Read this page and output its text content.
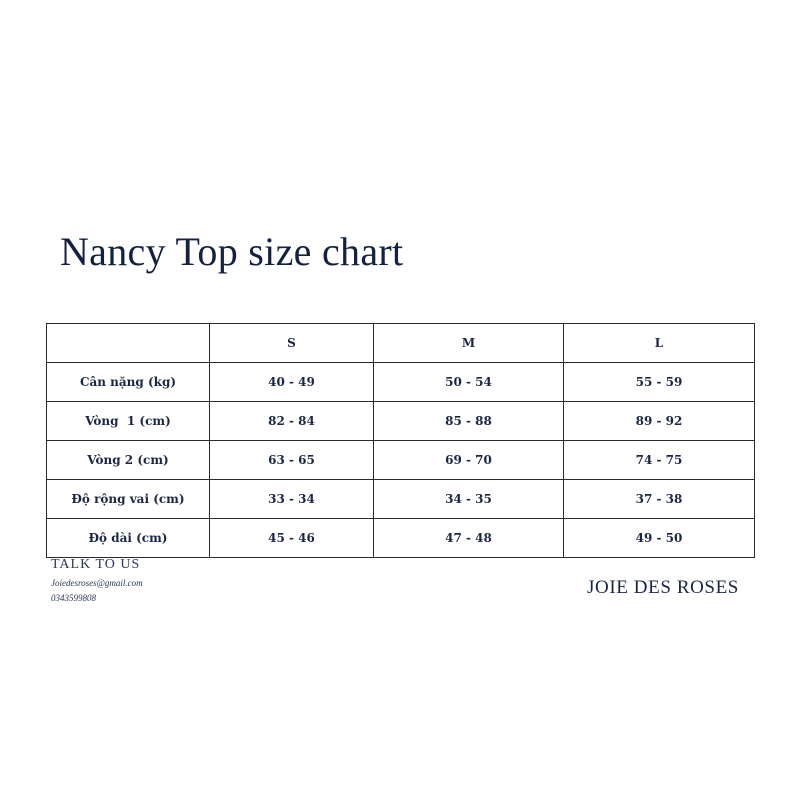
Nancy Top size chart
	S	M	L
Cân nặng (kg)	40 - 49	50 - 54	55 - 59
Vòng  1 (cm)	82 - 84	85 - 88	89 - 92
Vòng 2 (cm)	63 - 65	69 - 70	74 - 75
Độ rộng vai (cm)	33 - 34	34 - 35	37 - 38
Độ dài (cm)	45 - 46	47 - 48	49 - 50
TALK TO US
Joiedesroses@gmail.com
0343599808	JOIE DES ROSES
